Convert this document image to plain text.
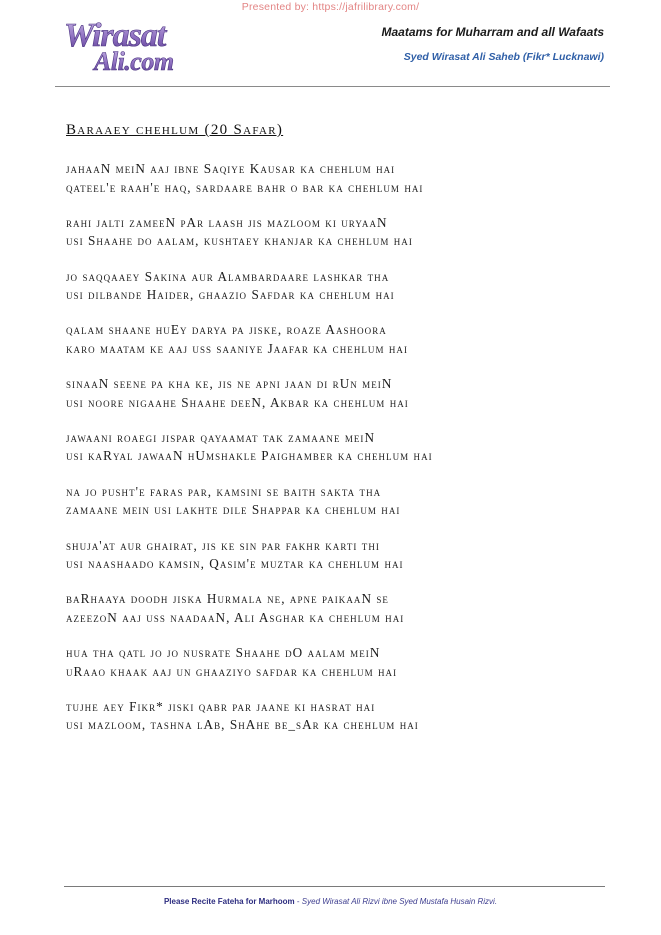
Presented by: https://jafrilibrary.com/
Wirasat
Ali.com
Maatams for Muharram and all Wafaats
Syed Wirasat Ali Saheb (Fikr* Lucknawi)
Baraaey chehlum (20 Safar)
jahaaN meiN aaj ibne Saqiye Kausar ka chehlum hai
qateel'e raah'e haq, sardaare bahr o bar ka chehlum hai
rahi jalti zameeN pAr laash jis mazloom ki uryaaN
usi Shaahe do aalam, kushtaey khanjar ka chehlum hai
jo saqqaaey Sakina aur Alambardaare lashkar tha
usi dilbande Haider, ghaazio Safdar ka chehlum hai
qalam shaane huEy darya pa jiske, roaze Aashoora
karo maatam ke aaj uss saaniye Jaafar ka chehlum hai
sinaaN seene pa kha ke, jis ne apni jaan di rUn meiN
usi noore nigaahe Shaahe deeN, Akbar ka chehlum hai
jawaani roaegi jispar qayaamat tak zamaane meiN
usi kaRyal jawaaN hUmshakle Paighamber ka chehlum hai
na jo pusht'e faras par, kamsini se baith sakta tha
zamaane mein usi lakhte dile Shappar ka chehlum hai
shuja'at aur ghairat, jis ke sin par fakhr karti thi
usi naashaado kamsin, Qasim'e muztar ka chehlum hai
baRhaaya doodh jiska Hurmala ne, apne paikaaN se
azeezoN aaj uss naadaaN, Ali Asghar ka chehlum hai
hua tha qatl jo jo nusrate Shaahe dO aalam meiN
uRaao khaak aaj un ghaaziyo safdar ka chehlum hai
tujhe aey Fikr* jiski qabr par jaane ki hasrat hai
usi mazloom, tashna lAb, ShAhe be_sAr ka chehlum hai
Please Recite Fateha for Marhoom - Syed Wirasat Ali Rizvi ibne Syed Mustafa Husain Rizvi.
